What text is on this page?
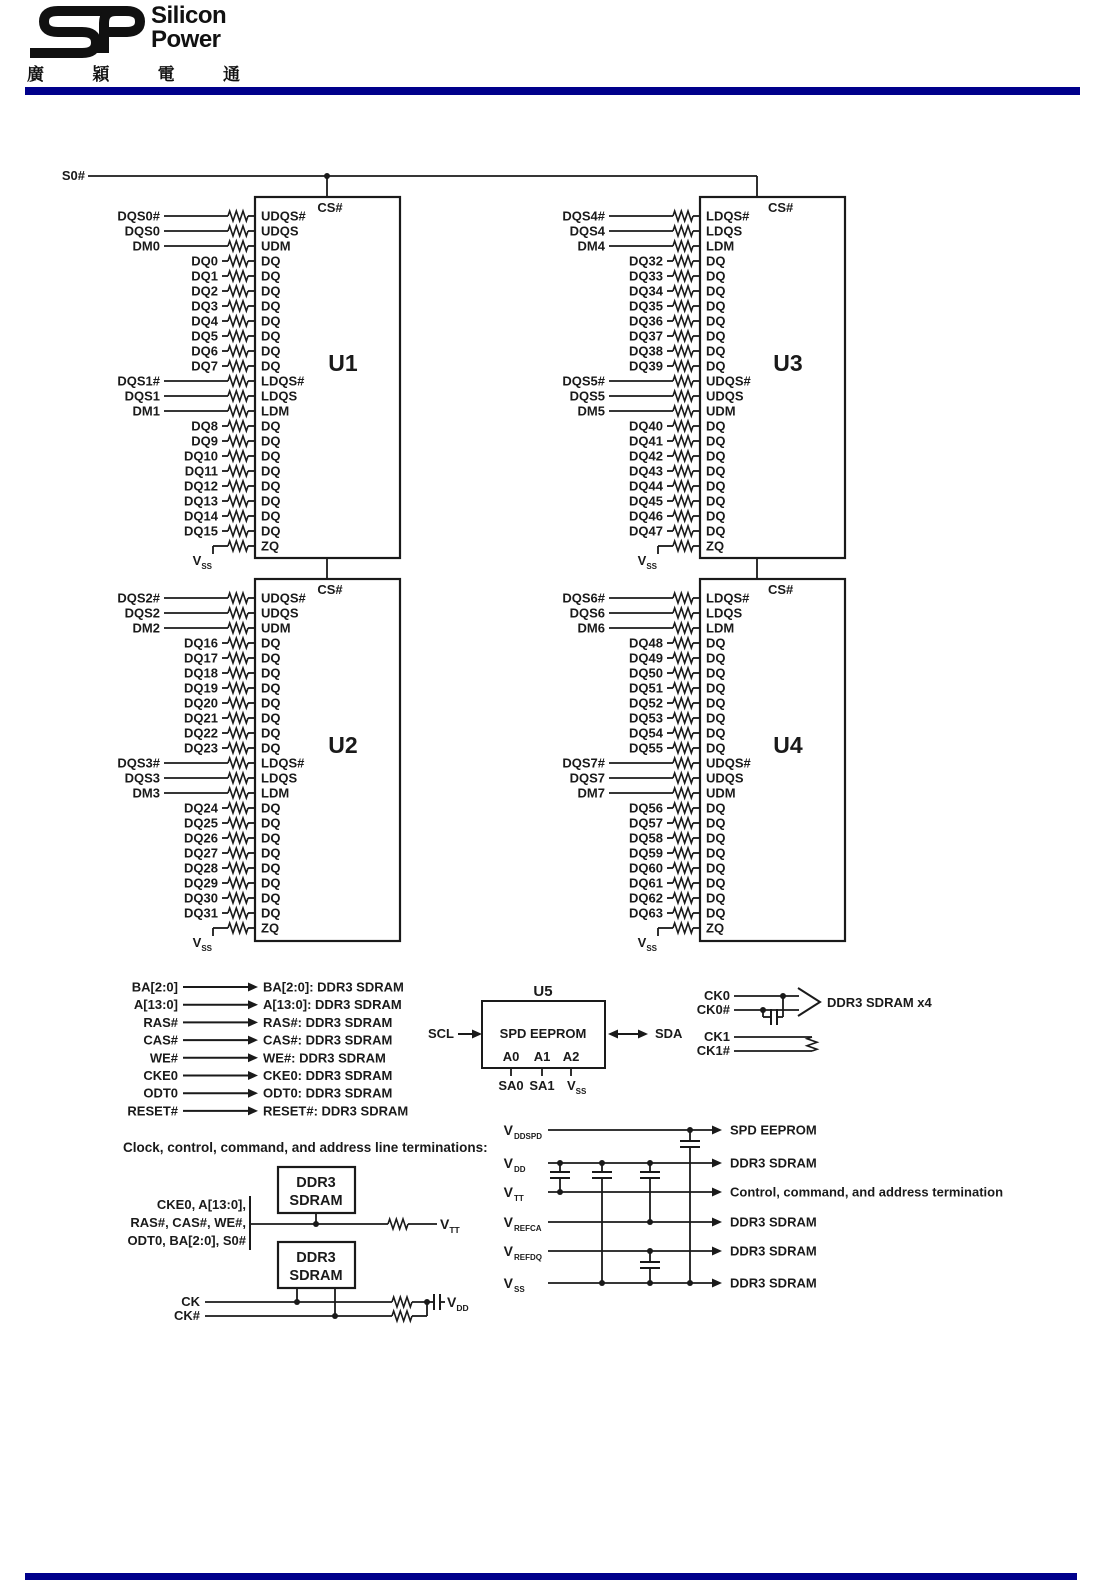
Silicon
Power
廣	穎	電	通
CS#
U1
UDQS#
DQS0#
UDQS
DQS0
UDM
DM0
DQ
DQ0
DQ
DQ1
DQ
DQ2
DQ
DQ3
DQ
DQ4
DQ
DQ5
DQ
DQ6
DQ
DQ7
LDQS#
DQS1#
LDQS
DQS1
LDM
DM1
DQ
DQ8
DQ
DQ9
DQ
DQ10
DQ
DQ11
DQ
DQ12
DQ
DQ13
DQ
DQ14
DQ
DQ15
ZQ
$V_{SS}$
CS#
U2
UDQS#
DQS2#
UDQS
DQS2
UDM
DM2
DQ
DQ16
DQ
DQ17
DQ
DQ18
DQ
DQ19
DQ
DQ20
DQ
DQ21
DQ
DQ22
DQ
DQ23
LDQS#
DQS3#
LDQS
DQS3
LDM
DM3
DQ
DQ24
DQ
DQ25
DQ
DQ26
DQ
DQ27
DQ
DQ28
DQ
DQ29
DQ
DQ30
DQ
DQ31
ZQ
$V_{SS}$
CS#
U3
LDQS#
DQS4#
LDQS
DQS4
LDM
DM4
DQ
DQ32
DQ
DQ33
DQ
DQ34
DQ
DQ35
DQ
DQ36
DQ
DQ37
DQ
DQ38
DQ
DQ39
UDQS#
DQS5#
UDQS
DQS5
UDM
DM5
DQ
DQ40
DQ
DQ41
DQ
DQ42
DQ
DQ43
DQ
DQ44
DQ
DQ45
DQ
DQ46
DQ
DQ47
ZQ
$V_{SS}$
CS#
U4
LDQS#
DQS6#
LDQS
DQS6
LDM
DM6
DQ
DQ48
DQ
DQ49
DQ
DQ50
DQ
DQ51
DQ
DQ52
DQ
DQ53
DQ
DQ54
DQ
DQ55
UDQS#
DQS7#
UDQS
DQS7
UDM
DM7
DQ
DQ56
DQ
DQ57
DQ
DQ58
DQ
DQ59
DQ
DQ60
DQ
DQ61
DQ
DQ62
DQ
DQ63
ZQ
$V_{SS}$
S0#
BA[2:0]	BA[2:0]: DDR3 SDRAM
A[13:0]	A[13:0]: DDR3 SDRAM
RAS#	RAS#: DDR3 SDRAM
CAS#	CAS#: DDR3 SDRAM
WE#	WE#: DDR3 SDRAM
CKE0	CKE0: DDR3 SDRAM
ODT0	ODT0: DDR3 SDRAM
RESET#	RESET#: DDR3 SDRAM
U5
SPD EEPROM
A0 A1 A2
SA0 SA1 $V_{SS}$
SCL	SDA
CK0
CK0#	DDR3 SDRAM x4
CK1
CK1#
Clock, control, command, and address line terminations:
DDR3
SDRAM
CKE0, A[13:0],
RAS#, CAS#, WE#,
ODT0, BA[2:0], S0#
$V_{TT}$
DDR3
SDRAM
CK
CK#
$V_{DD}$
V DDSPD	SPD EEPROM
V DD	DDR3 SDRAM
V TT	Control, command, and address termination
V REFCA	DDR3 SDRAM
V REFDQ	DDR3 SDRAM
V SS	DDR3 SDRAM
